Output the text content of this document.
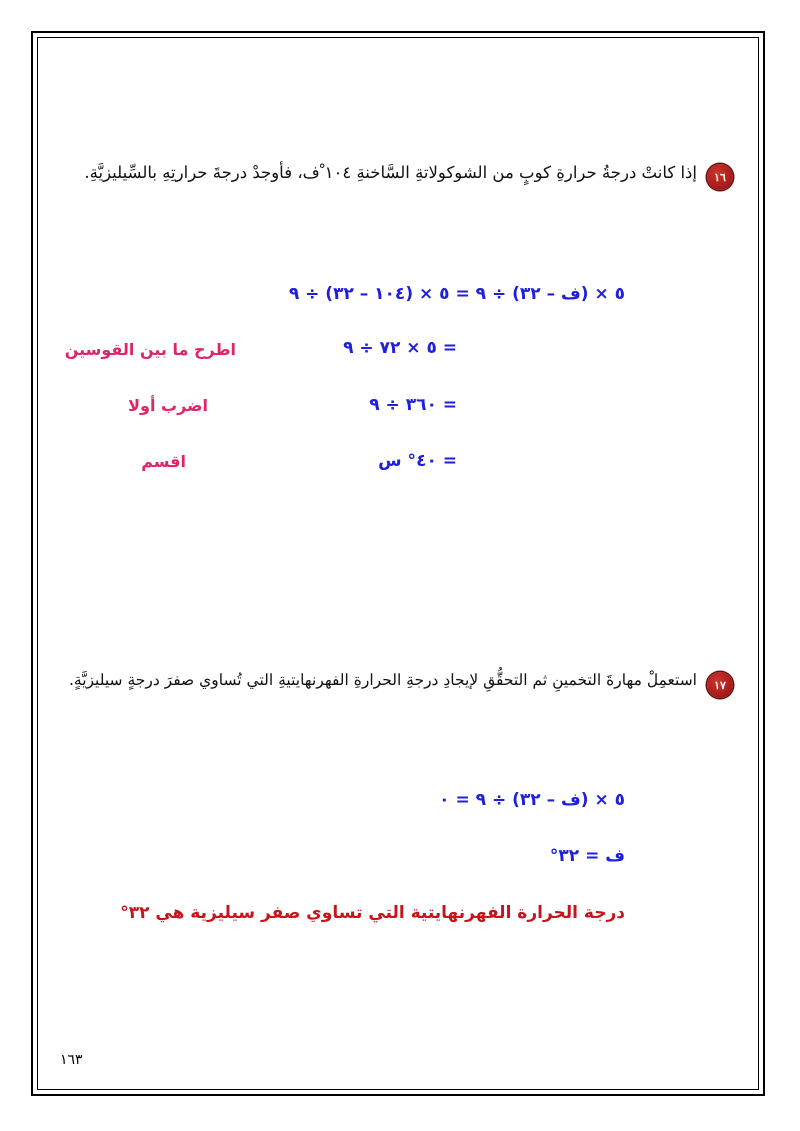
١٦
إذا كانتْ درجةُ حرارةِ كوبٍ من الشوكولاتةِ السَّاخنةِ ١٠٤ ْف، فأوجدْ درجةَ حرارتِهِ بالسِّيليزيَّةِ.
٥ × (ف – ٣٢) ÷ ٩ = ٥ × (١٠٤ – ٣٢) ÷ ٩
= ٥ × ٧٢ ÷ ٩
= ٣٦٠ ÷ ٩
= ٤٠° س
اطرح ما بين القوسين
اضرب أولا
اقسم
١٧
استعمِلْ مهارةَ التخمينِ ثم التحقُّقِ لإيجادِ درجةِ الحرارةِ الفهرنهايتيةِ التي تُساوي صفرَ درجةٍ سيليزيَّةٍ.
٥ × (ف – ٣٢) ÷ ٩ = ٠
ف = ٣٢°
درجة الحرارة الفهرنهايتية التي تساوي صفر سيليزية هي ٣٢°
١٦٣
